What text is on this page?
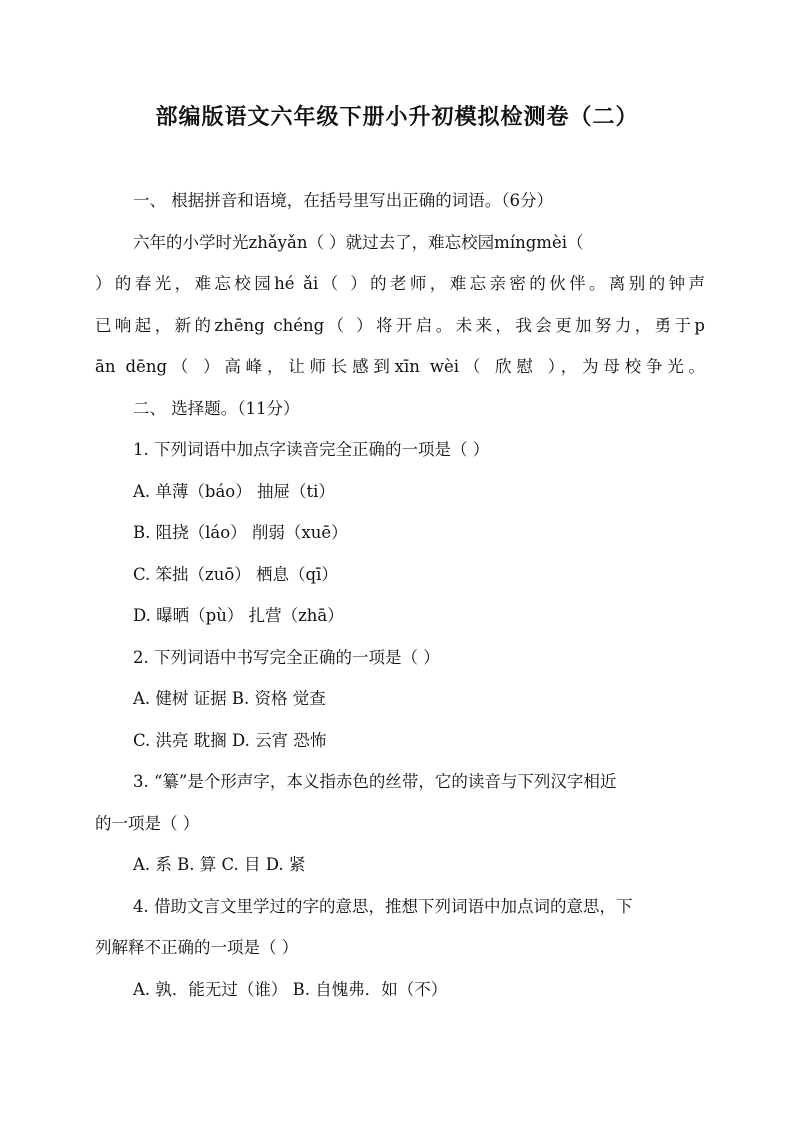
部编版语文六年级下册小升初模拟检测卷（二）
一、 根据拼音和语境，在括号里写出正确的词语。（6分）
六年的小学时光zhǎyǎn（ ）就过去了，难忘校园míngmèi（
）的春光，难忘校园hé ǎi（ ）的老师，难忘亲密的伙伴。离别的钟声
已响起，新的zhēng chéng（ ）将开启。未来，我会更加努力，勇于p
ān dēng（ ）高峰，让师长感到xīn wèi（ 欣慰 ），为母校争光。
二、 选择题。（11分）
1. 下列词语中加点字读音完全正确的一项是（ ）
A. 单薄（báo） 抽屉（ti）
B. 阻挠（láo） 削弱（xuē）
C. 笨拙（zuō） 栖息（qī）
D. 曝晒（pù） 扎营（zhā）
2. 下列词语中书写完全正确的一项是（ ）
A. 健树 证据 B. 资格 觉查
C. 洪亮 耽搁 D. 云宵 恐怖
3. “纂”是个形声字，本义指赤色的丝带，它的读音与下列汉字相近
的一项是（ ）
A. 系 B. 算 C. 目 D. 紧
4. 借助文言文里学过的字的意思，推想下列词语中加点词的意思，下
列解释不正确的一项是（ ）
A. 孰．能无过（谁） B. 自愧弗．如（不）
